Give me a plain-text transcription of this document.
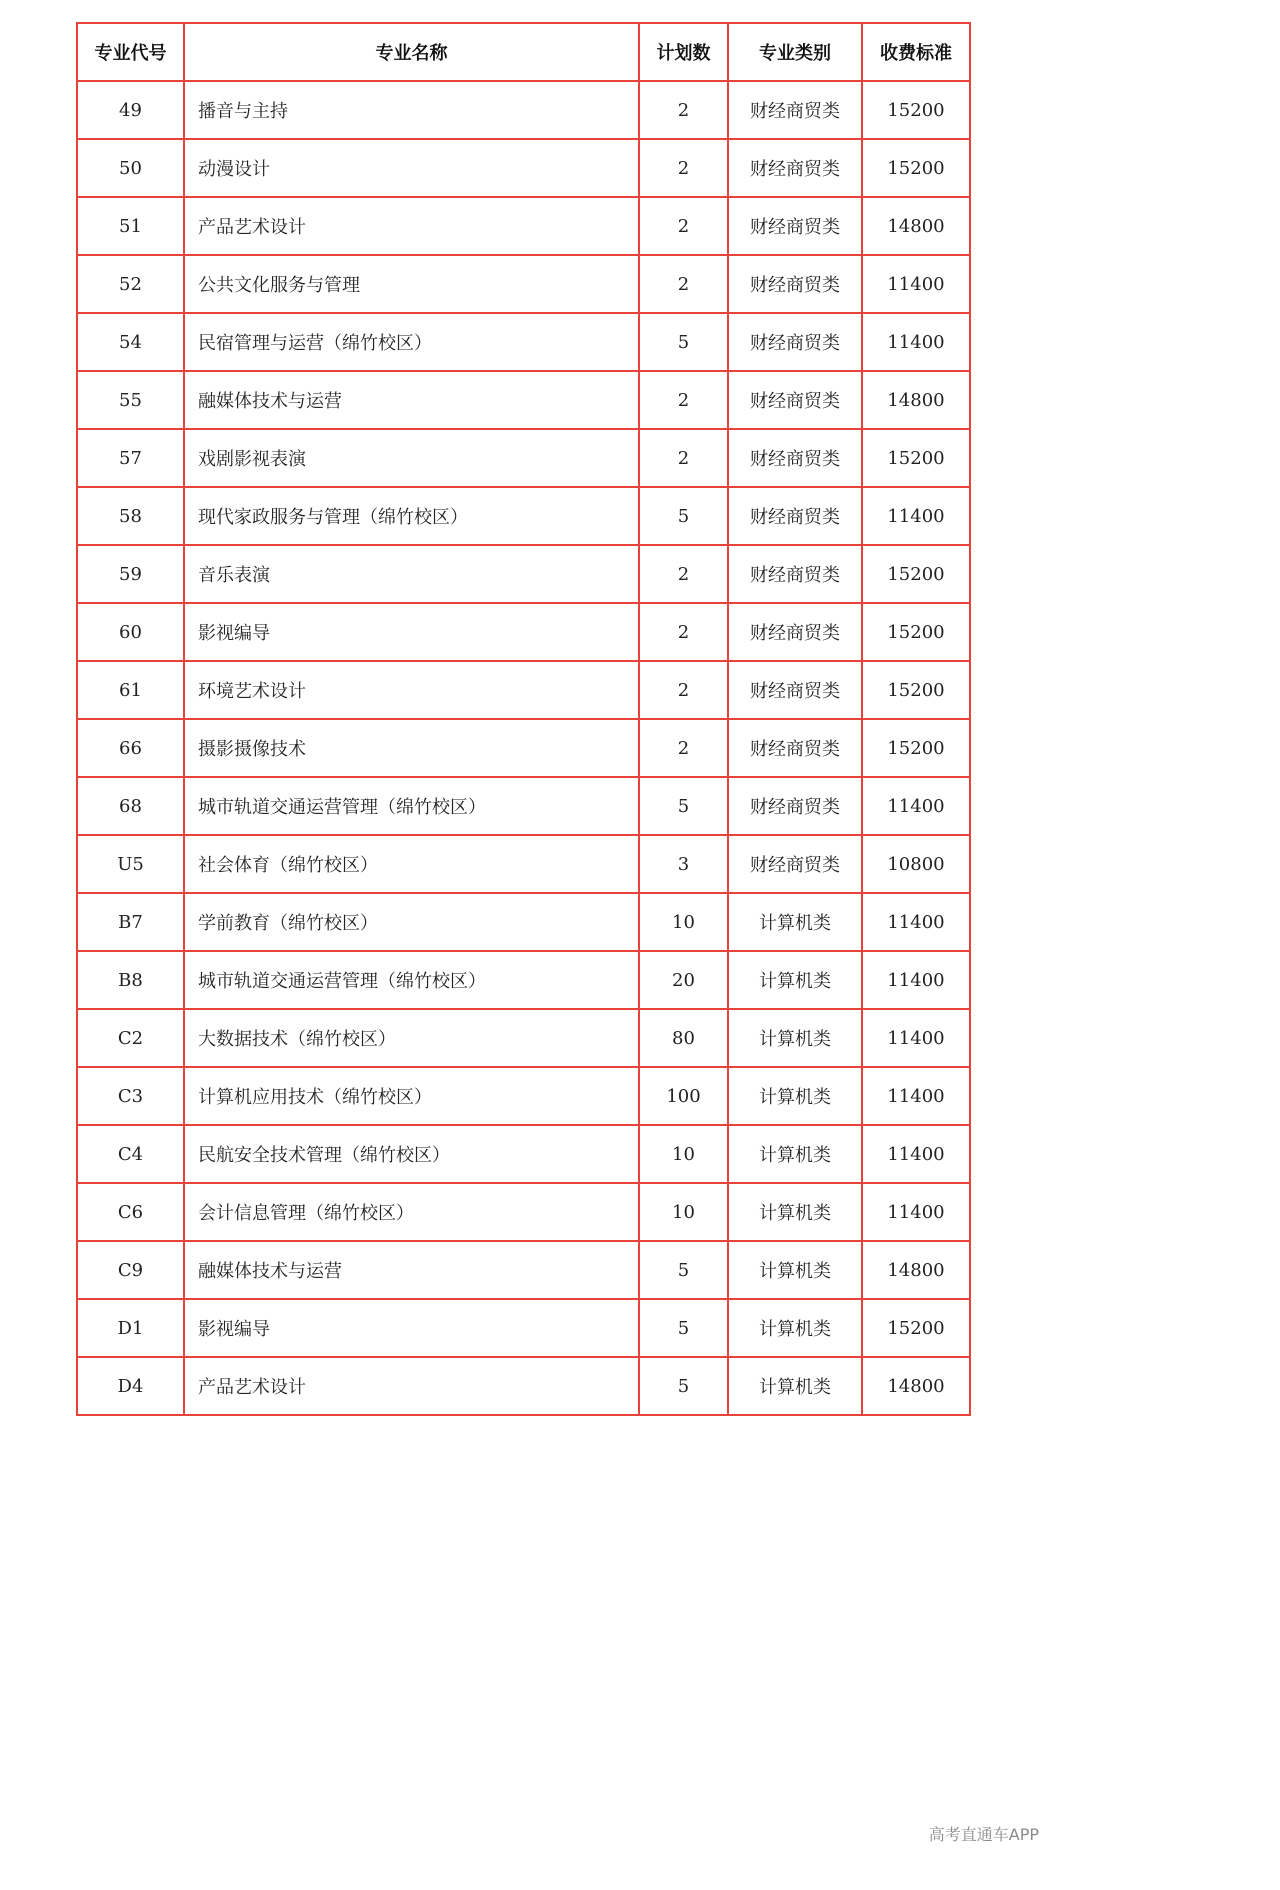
专业代号	专业名称	计划数	专业类别	收费标准
49	播音与主持	2	财经商贸类	15200
50	动漫设计	2	财经商贸类	15200
51	产品艺术设计	2	财经商贸类	14800
52	公共文化服务与管理	2	财经商贸类	11400
54	民宿管理与运营（绵竹校区）	5	财经商贸类	11400
55	融媒体技术与运营	2	财经商贸类	14800
57	戏剧影视表演	2	财经商贸类	15200
58	现代家政服务与管理（绵竹校区）	5	财经商贸类	11400
59	音乐表演	2	财经商贸类	15200
60	影视编导	2	财经商贸类	15200
61	环境艺术设计	2	财经商贸类	15200
66	摄影摄像技术	2	财经商贸类	15200
68	城市轨道交通运营管理（绵竹校区）	5	财经商贸类	11400
U5	社会体育（绵竹校区）	3	财经商贸类	10800
B7	学前教育（绵竹校区）	10	计算机类	11400
B8	城市轨道交通运营管理（绵竹校区）	20	计算机类	11400
C2	大数据技术（绵竹校区）	80	计算机类	11400
C3	计算机应用技术（绵竹校区）	100	计算机类	11400
C4	民航安全技术管理（绵竹校区）	10	计算机类	11400
C6	会计信息管理（绵竹校区）	10	计算机类	11400
C9	融媒体技术与运营	5	计算机类	14800
D1	影视编导	5	计算机类	15200
D4	产品艺术设计	5	计算机类	14800
高考直通车APP
